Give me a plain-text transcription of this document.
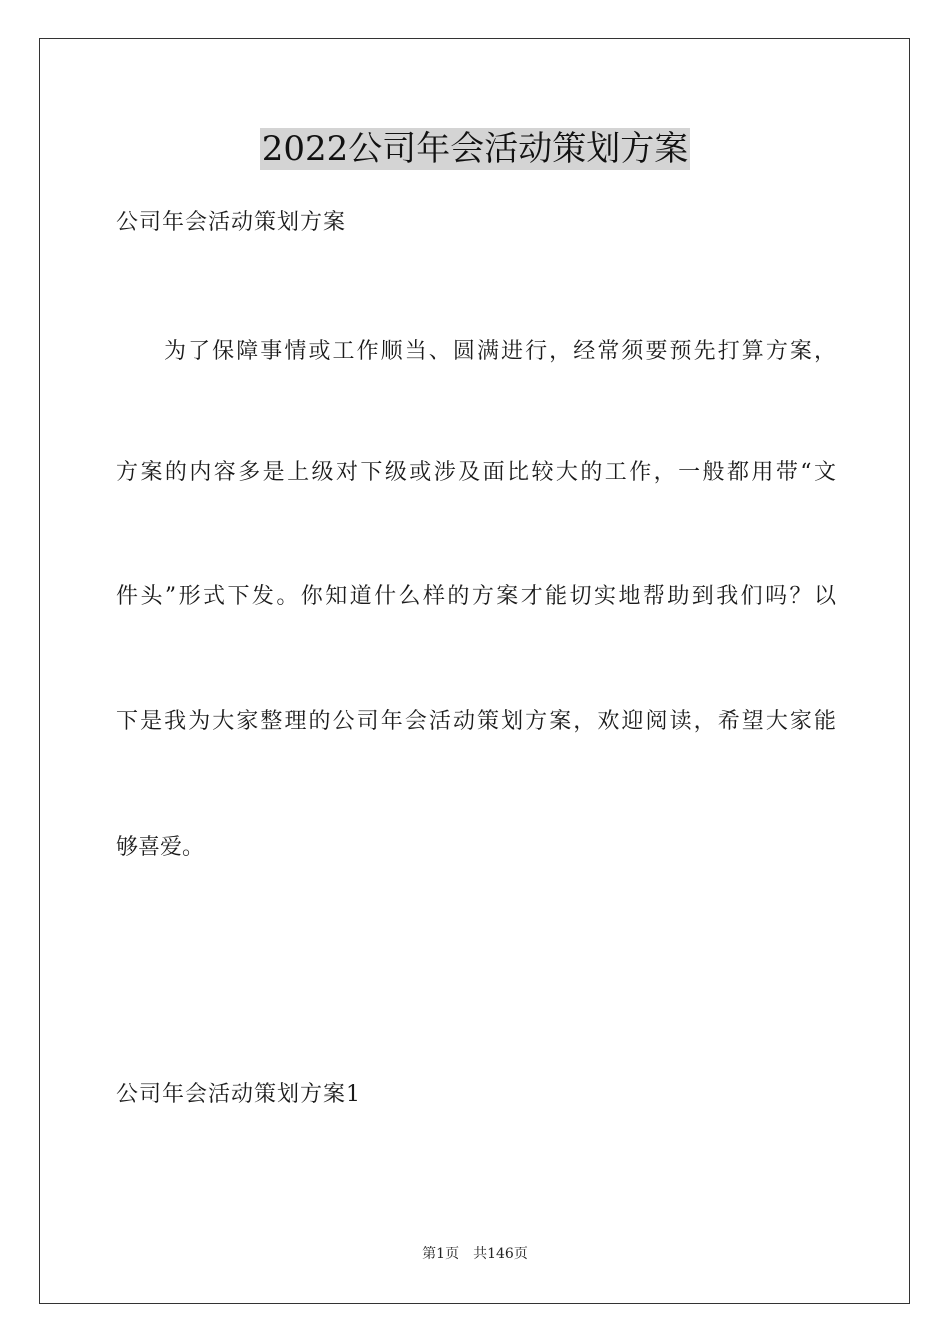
2022公司年会活动策划方案
公司年会活动策划方案
为了保障事情或工作顺当、圆满进行，经常须要预先打算方案，
方案的内容多是上级对下级或涉及面比较大的工作，一般都用带“文
件头”形式下发。你知道什么样的方案才能切实地帮助到我们吗？以
下是我为大家整理的公司年会活动策划方案，欢迎阅读，希望大家能
够喜爱。
公司年会活动策划方案1
第1页 共146页
